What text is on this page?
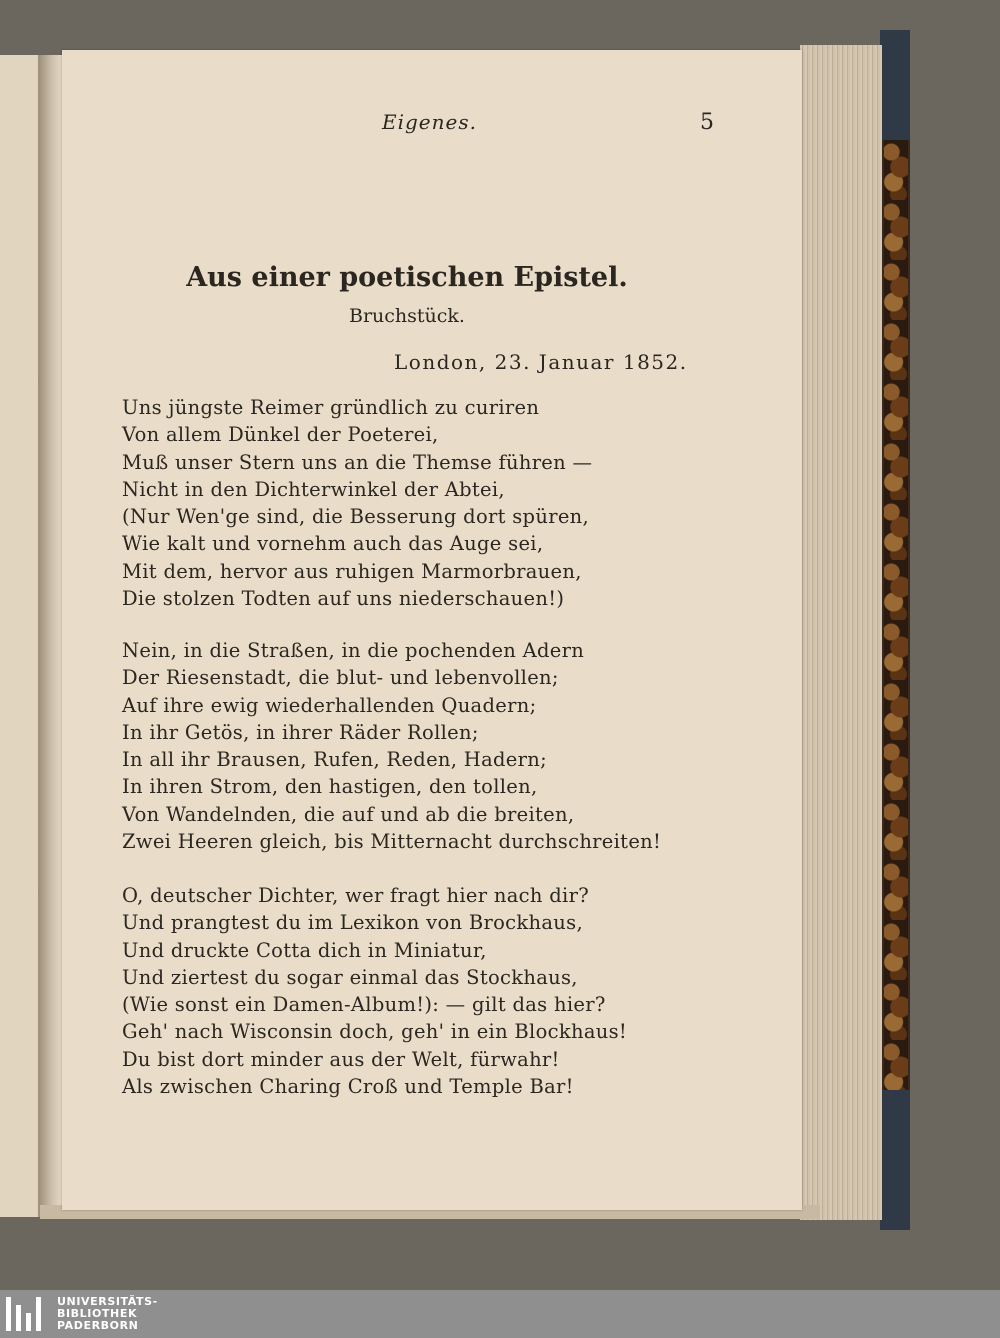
Eigenes.	5
Aus einer poetischen Epistel.
Bruchstück.
London, 23. Januar 1852.
Uns jüngste Reimer gründlich zu curiren
Von allem Dünkel der Poeterei,
Muß unser Stern uns an die Themse führen —
Nicht in den Dichterwinkel der Abtei,
(Nur Wen'ge sind, die Besserung dort spüren,
Wie kalt und vornehm auch das Auge sei,
Mit dem, hervor aus ruhigen Marmorbrauen,
Die stolzen Todten auf uns niederschauen!)
Nein, in die Straßen, in die pochenden Adern
Der Riesenstadt, die blut- und lebenvollen;
Auf ihre ewig wiederhallenden Quadern;
In ihr Getös, in ihrer Räder Rollen;
In all ihr Brausen, Rufen, Reden, Hadern;
In ihren Strom, den hastigen, den tollen,
Von Wandelnden, die auf und ab die breiten,
Zwei Heeren gleich, bis Mitternacht durchschreiten!
O, deutscher Dichter, wer fragt hier nach dir?
Und prangtest du im Lexikon von Brockhaus,
Und druckte Cotta dich in Miniatur,
Und ziertest du sogar einmal das Stockhaus,
(Wie sonst ein Damen-Album!): — gilt das hier?
Geh' nach Wisconsin doch, geh' in ein Blockhaus!
Du bist dort minder aus der Welt, fürwahr!
Als zwischen Charing Croß und Temple Bar!
UNIVERSITÄTS-
BIBLIOTHEK
PADERBORN
